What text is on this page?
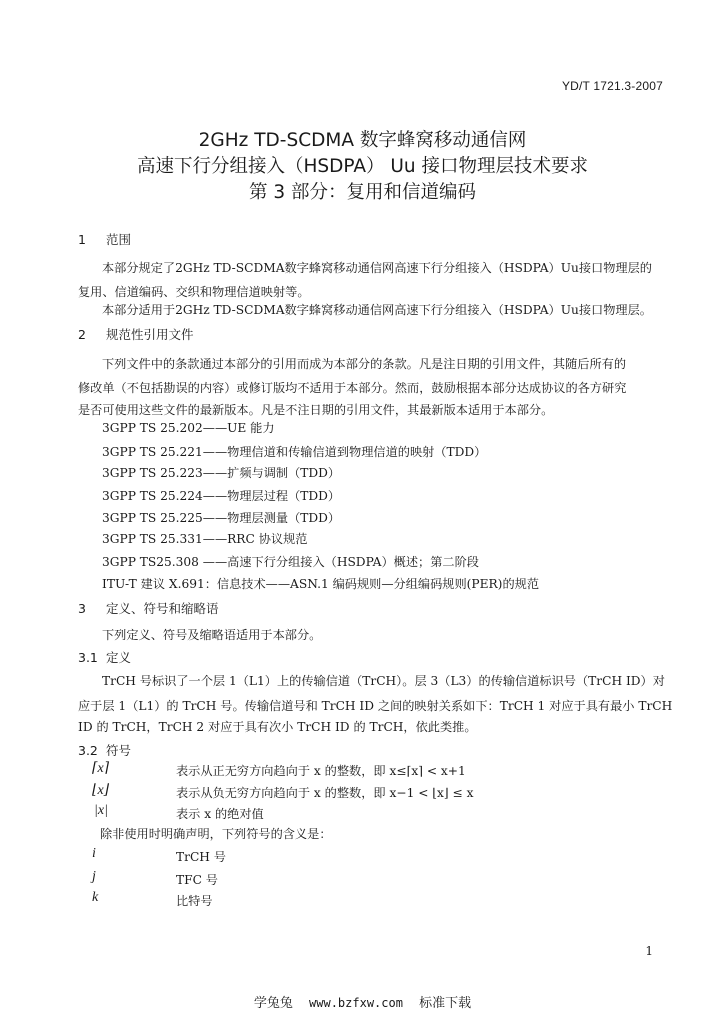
YD/T 1721.3-2007
2GHz TD-SCDMA 数字蜂窝移动通信网
高速下行分组接入（HSDPA） Uu 接口物理层技术要求
第 3 部分：复用和信道编码
1 范围
本部分规定了2GHz TD-SCDMA数字蜂窝移动通信网高速下行分组接入（HSDPA）Uu接口物理层的
复用、信道编码、交织和物理信道映射等。
本部分适用于2GHz TD-SCDMA数字蜂窝移动通信网高速下行分组接入（HSDPA）Uu接口物理层。
2 规范性引用文件
下列文件中的条款通过本部分的引用而成为本部分的条款。凡是注日期的引用文件，其随后所有的
修改单（不包括勘误的内容）或修订版均不适用于本部分。然而，鼓励根据本部分达成协议的各方研究
是否可使用这些文件的最新版本。凡是不注日期的引用文件，其最新版本适用于本部分。
3GPP TS 25.202——UE 能力
3GPP TS 25.221——物理信道和传输信道到物理信道的映射（TDD）
3GPP TS 25.223——扩频与调制（TDD）
3GPP TS 25.224——物理层过程（TDD）
3GPP TS 25.225——物理层测量（TDD）
3GPP TS 25.331——RRC 协议规范
3GPP TS25.308 ——高速下行分组接入（HSDPA）概述；第二阶段
ITU-T 建议 X.691：信息技术——ASN.1 编码规则—分组编码规则(PER)的规范
3 定义、符号和缩略语
下列定义、符号及缩略语适用于本部分。
3.1 定义
TrCH 号标识了一个层 1（L1）上的传输信道（TrCH）。层 3（L3）的传输信道标识号（TrCH ID）对
应于层 1（L1）的 TrCH 号。传输信道号和 TrCH ID 之间的映射关系如下：TrCH 1 对应于具有最小 TrCH
ID 的 TrCH，TrCH 2 对应于具有次小 TrCH ID 的 TrCH，依此类推。
3.2 符号
⌈x⌉	表示从正无穷方向趋向于 x 的整数，即 x≤⌈x⌉ < x+1
⌊x⌋	表示从负无穷方向趋向于 x 的整数，即 x−1 < ⌊x⌋ ≤ x
|x|	表示 x 的绝对值
除非使用时明确声明，下列符号的含义是：
i	TrCH 号
j	TFC 号
k	比特号
1
学兔兔 www.bzfxw.com 标准下载
